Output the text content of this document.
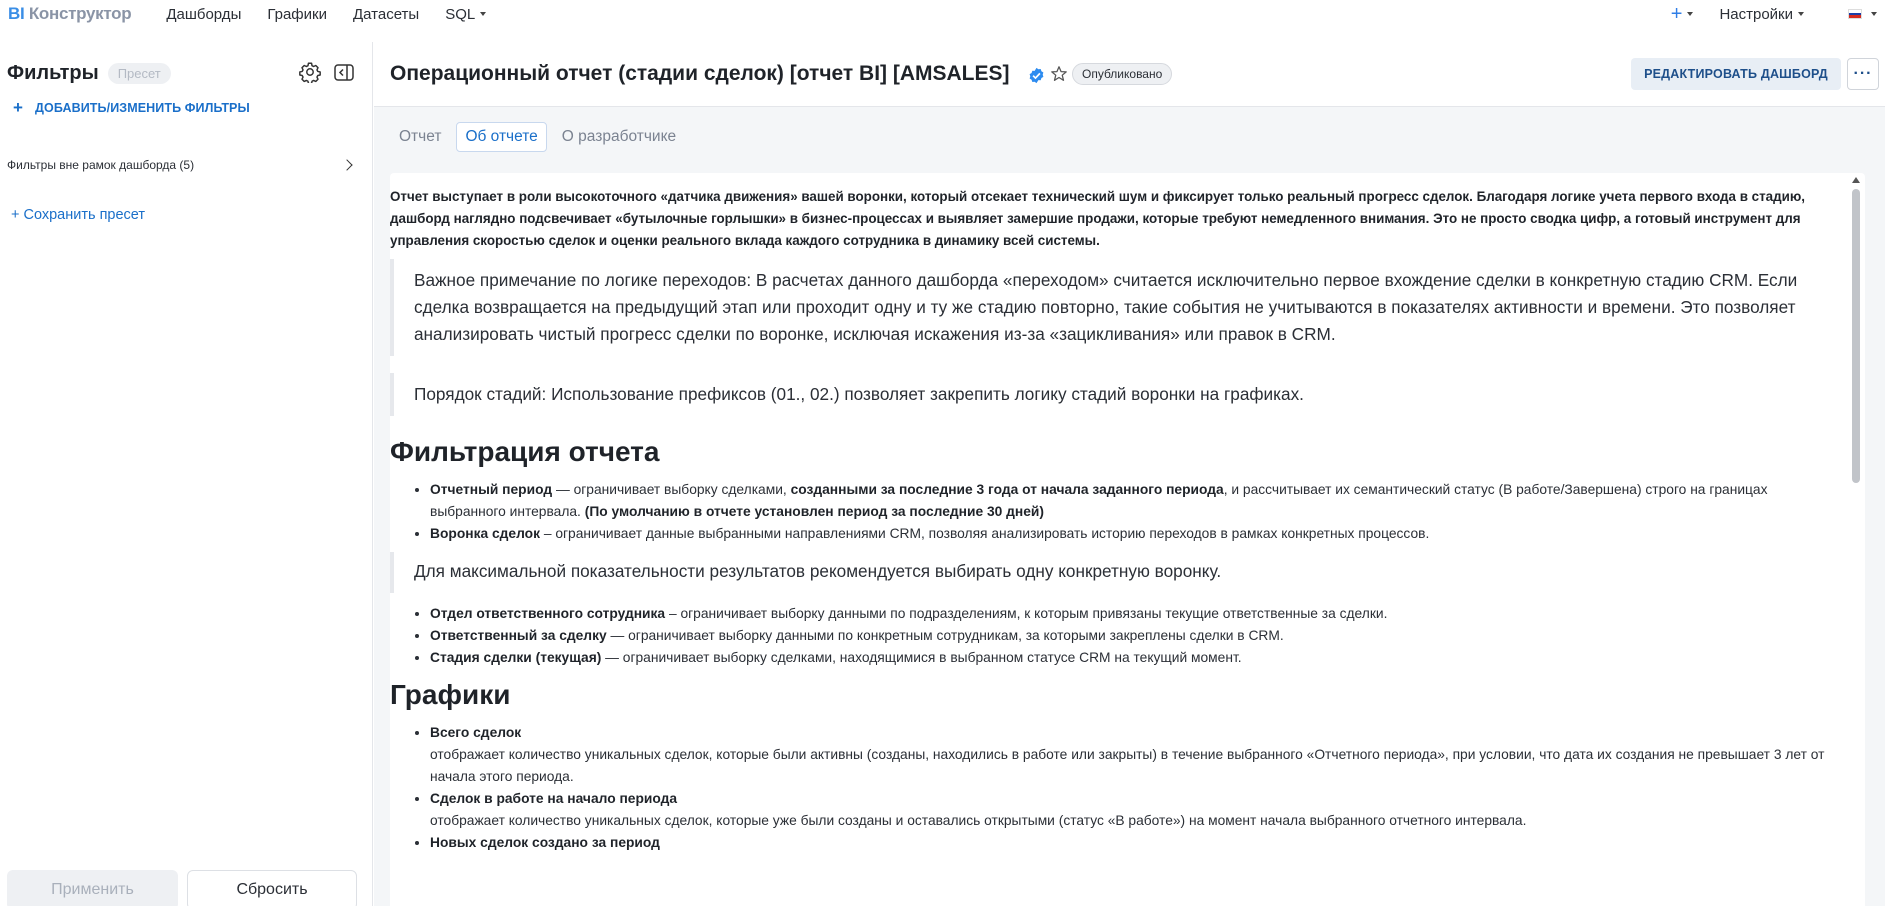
BI Конструктор Дашборды Графики Датасеты SQL	+ Настройки
Фильтры	Пресет
+ ДОБАВИТЬ/ИЗМЕНИТЬ ФИЛЬТРЫ
Фильтры вне рамок дашборда (5)
+ Сохранить пресет
Применить	Сбросить
Операционный отчет (стадии сделок) [отчет BI] [AMSALES]	Опубликовано	РЕДАКТИРОВАТЬ ДАШБОРД	···
Отчет	Об отчете	О разработчике

Отчет выступает в роли высокоточного «датчика движения» вашей воронки, который отсекает технический шум и фиксирует только реальный прогресс сделок. Благодаря логике учета первого входа в стадию, дашборд наглядно подсвечивает «бутылочные горлышки» в бизнес-процессах и выявляет замершие продажи, которые требуют немедленного внимания. Это не просто сводка цифр, а готовый инструмент для управления скоростью сделок и оценки реального вклада каждого сотрудника в динамику всей системы.

Важное примечание по логике переходов: В расчетах данного дашборда «переходом» считается исключительно первое вхождение сделки в конкретную стадию CRM. Если сделка возвращается на предыдущий этап или проходит одну и ту же стадию повторно, такие события не учитываются в показателях активности и времени. Это позволяет анализировать чистый прогресс сделки по воронке, исключая искажения из-за «зацикливания» или правок в CRM.
Порядок стадий: Использование префиксов (01., 02.) позволяет закрепить логику стадий воронки на графиках.
Фильтрация отчета
• Отчетный период — ограничивает выборку сделками, созданными за последние 3 года от начала заданного периода, и рассчитывает их семантический статус (В работе/Завершена) строго на границах выбранного интервала. (По умолчанию в отчете установлен период за последние 30 дней)
• Воронка сделок – ограничивает данные выбранными направлениями CRM, позволяя анализировать историю переходов в рамках конкретных процессов.
Для максимальной показательности результатов рекомендуется выбирать одну конкретную воронку.
• Отдел ответственного сотрудника – ограничивает выборку данными по подразделениям, к которым привязаны текущие ответственные за сделки.
• Ответственный за сделку — ограничивает выборку данными по конкретным сотрудникам, за которыми закреплены сделки в CRM.
• Стадия сделки (текущая) — ограничивает выборку сделками, находящимися в выбранном статусе CRM на текущий момент.
Графики
• Всего сделок
отображает количество уникальных сделок, которые были активны (созданы, находились в работе или закрыты) в течение выбранного «Отчетного периода», при условии, что дата их создания не превышает 3 лет от начала этого периода.
• Сделок в работе на начало периода
отображает количество уникальных сделок, которые уже были созданы и оставались открытыми (статус «В работе») на момент начала выбранного отчетного интервала.
• Новых сделок создано за период
